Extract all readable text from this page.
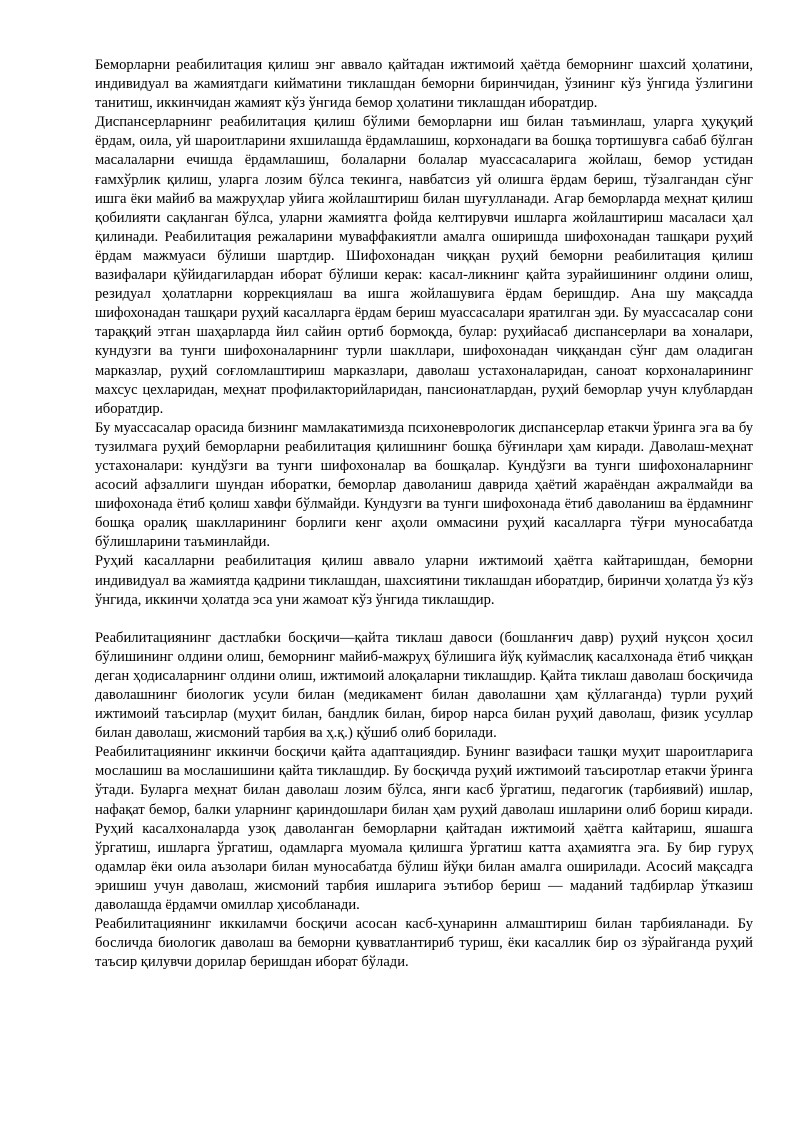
Беморларни реабилитация қилиш энг аввало қайтадан ижтимоий ҳаётда беморнинг шахсий ҳолатини, индивидуал ва жамиятдаги кийматини тиклашдан беморни биринчидан, ўзининг кўз ўнгида ўзлигини танитиш, иккинчидан жамият кўз ўнгида бемор ҳолатини тиклашдан иборатдир.

Диспансерларнинг реабилитация қилиш бўлими беморларни иш билан таъминлаш, уларга ҳуқуқий ёрдам, оила, уй шароитларини яхшилашда ёрдамлашиш, корхонадаги ва бошқа тортишувга сабаб бўлган масалаларни ечишда ёрдамлашиш, болаларни болалар муассасаларига жойлаш, бемор устидан ғамхўрлик қилиш, уларга лозим бўлса текинга, навбатсиз уй олишга ёрдам бериш, тўзалгандан сўнг ишга ёки майиб ва мажруҳлар уйига жойлаштириш билан шуғулланади. Агар беморларда меҳнат қилиш қобилияти сақланган бўлса, уларни жамиятга фойда келтирувчи ишларга жойлаштириш масаласи ҳал қилинади. Реабилитация режаларини муваффакиятли амалга оширишда шифохонадан ташқари руҳий ёрдам мажмуаси бўлиши шартдир. Шифохонадан чиққан руҳий беморни реабилитация қилиш вазифалари қўйидагилардан иборат бўлиши керак: касал-ликнинг қайта зурайишининг олдини олиш, резидуал ҳолатларни коррекциялаш ва ишга жойлашувига ёрдам беришдир. Ана шу мақсадда шифохонадан ташқари руҳий касалларга ёрдам бериш муассасалари яратилган эди. Бу муассасалар сони тараққий этган шаҳарларда йил сайин ортиб бормоқда, булар: руҳийасаб диспансерлари ва хоналари, кундузги ва тунги шифохоналарнинг турли шакллари, шифохонадан чиққандан сўнг дам оладиган марказлар, руҳий соғломлаштириш марказлари, даволаш устахоналаридан, саноат корхоналарининг махсус цехларидан, меҳнат профилакторийларидан, пансионатлардан, руҳий беморлар учун клублардан иборатдир.

Бу муассасалар орасида бизнинг мамлакатимизда психоневрологик диспансерлар етакчи ўринга эга ва бу тузилмага руҳий беморларни реабилитация қилишнинг бошқа бўғинлари ҳам киради. Даволаш-меҳнат устахоналари: кундўзги ва тунги шифохоналар ва бошқалар. Кундўзги ва тунги шифохоналарнинг асосий афзаллиги шундан иборатки, беморлар даволаниш даврида ҳаётий жараёндан ажралмайди ва шифохонада ётиб қолиш хавфи бўлмайди. Кундузги ва тунги шифохонада ётиб даволаниш ва ёрдамнинг бошқа оралиқ шаклларининг борлиги кенг аҳоли оммасини руҳий касалларга тўғри муносабатда бўлишларини таъминлайди.

Руҳий касалларни реабилитация қилиш аввало уларни ижтимоий ҳаётга кайтаришдан, беморни индивидуал ва жамиятда қадрини тиклашдан, шахсиятини тиклашдан иборатдир, биринчи ҳолатда ўз кўз ўнгида, иккинчи ҳолатда эса уни жамоат кўз ўнгида тиклашдир.

Реабилитациянинг дастлабки босқичи—қайта тиклаш давоси (бошланғич давр) руҳий нуқсон ҳосил бўлишининг олдини олиш, беморнинг майиб-мажруҳ бўлишига йўқ куймаслиқ касалхонада ётиб чиққан деган ҳодисаларнинг олдини олиш, ижтимоий алоқаларни тиклашдир. Қайта тиклаш даволаш босқичида даволашнинг биологик усули билан (медикамент билан даволашни ҳам қўллаганда) турли руҳий ижтимоий таъсирлар (муҳит билан, бандлик билан, бирор нарса билан руҳий даволаш, физик усуллар билан даволаш, жисмоний тарбия ва ҳ.қ.) қўшиб олиб борилади.

Реабилитациянинг иккинчи босқичи қайта адаптациядир. Бунинг вазифаси ташқи муҳит шароитларига мослашиш ва мослашишини қайта тиклашдир. Бу босқичда руҳий ижтимоий таъсиротлар етакчи ўринга ўтади. Буларга меҳнат билан даволаш лозим бўлса, янги касб ўргатиш, педагогик (тарбиявий) ишлар, нафақат бемор, балки уларнинг қариндошлари билан ҳам руҳий даволаш ишларини олиб бориш киради. Руҳий касалхоналарда узоқ даволанган беморларни қайтадан ижтимоий ҳаётга кайтариш, яшашга ўргатиш, ишларга ўргатиш, одамларга муомала қилишга ўргатиш катта аҳамиятга эга. Бу бир гуруҳ одамлар ёки оила аъзолари билан муносабатда бўлиш йўқи билан амалга оширилади. Асосий мақсадга эришиш учун даволаш, жисмоний тарбия ишларига эътибор бериш — маданий тадбирлар ўтказиш даволашда ёрдамчи омиллар ҳисобланади.

Реабилитациянинг иккиламчи босқичи асосан касб-ҳунаринн алмаштириш билан тарбияланади. Бу босличда биологик даволаш ва беморни қувватлантириб туриш, ёки касаллик бир оз зўрайганда руҳий таъсир қилувчи дорилар беришдан иборат бўлади.
